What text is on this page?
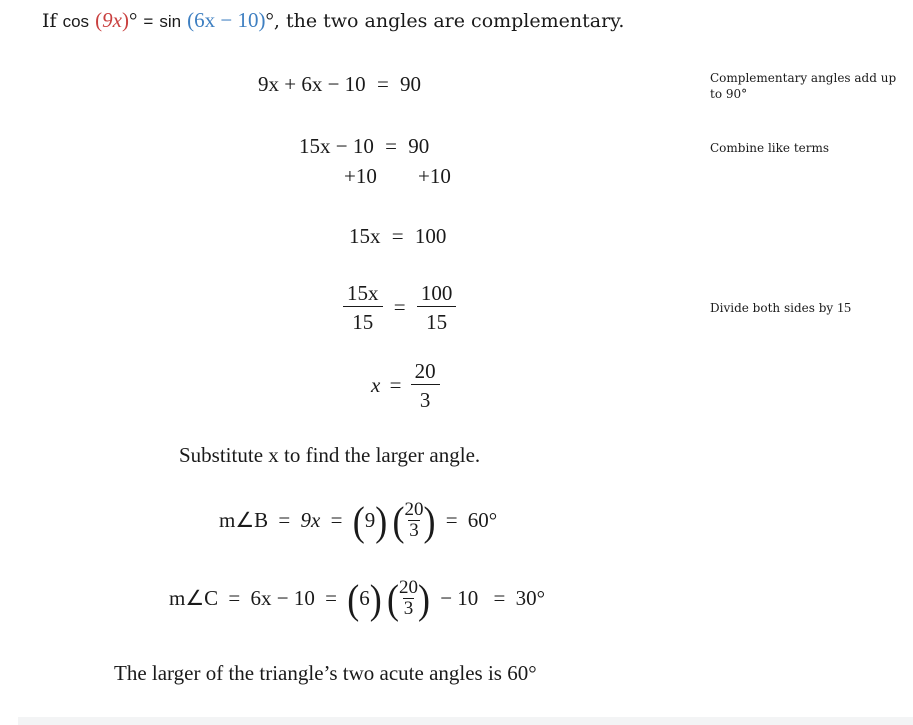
If cos (9x)° = sin (6x − 10)°, the two angles are complementary.
9x + 6x − 10 = 90	Complementary angles add up to 90°
15x − 10 = 90	Combine like terms
+10 +10
15x = 100
$\frac{15x}{15} = \frac{100}{15}$	Divide both sides by 15
$x = \frac{20}{3}$
Substitute x to find the larger angle.
m∠B = 9x = (9) ( $\frac{20}{3}$ ) = 60°
m∠C = 6x − 10 = (6) ( $\frac{20}{3}$ ) − 10 = 30°
The larger of the triangle’s two acute angles is 60°
